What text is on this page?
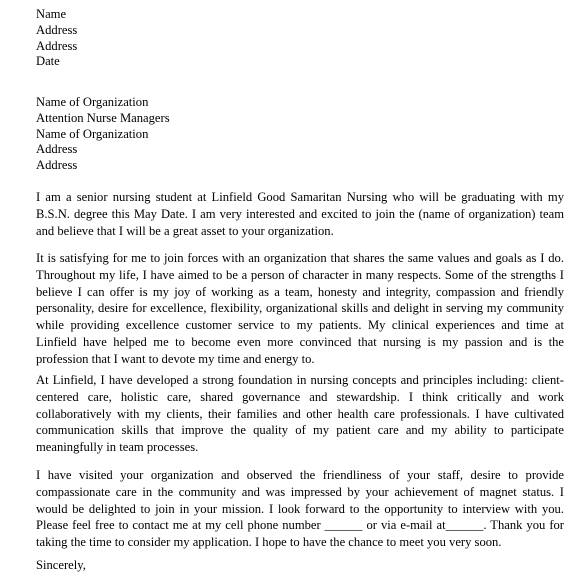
Name
Address
Address
Date
Name of Organization
Attention Nurse Managers
Name of Organization
Address
Address
I am a senior nursing student at Linfield Good Samaritan Nursing who will be graduating with my B.S.N. degree this May Date. I am very interested and excited to join the (name of organization) team and believe that I will be a great asset to your organization.
It is satisfying for me to join forces with an organization that shares the same values and goals as I do. Throughout my life, I have aimed to be a person of character in many respects. Some of the strengths I believe I can offer is my joy of working as a team, honesty and integrity, compassion and friendly personality, desire for excellence, flexibility, organizational skills and delight in serving my community while providing excellence customer service to my patients. My clinical experiences and time at Linfield have helped me to become even more convinced that nursing is my passion and is the profession that I want to devote my time and energy to.
At Linfield, I have developed a strong foundation in nursing concepts and principles including: client-centered care, holistic care, shared governance and stewardship. I think critically and work collaboratively with my clients, their families and other health care professionals. I have cultivated communication skills that improve the quality of my patient care and my ability to participate meaningfully in team processes.
I have visited your organization and observed the friendliness of your staff, desire to provide compassionate care in the community and was impressed by your achievement of magnet status. I would be delighted to join in your mission. I look forward to the opportunity to interview with you. Please feel free to contact me at my cell phone number ______ or via e-mail at______. Thank you for taking the time to consider my application. I hope to have the chance to meet you very soon.
Sincerely,
